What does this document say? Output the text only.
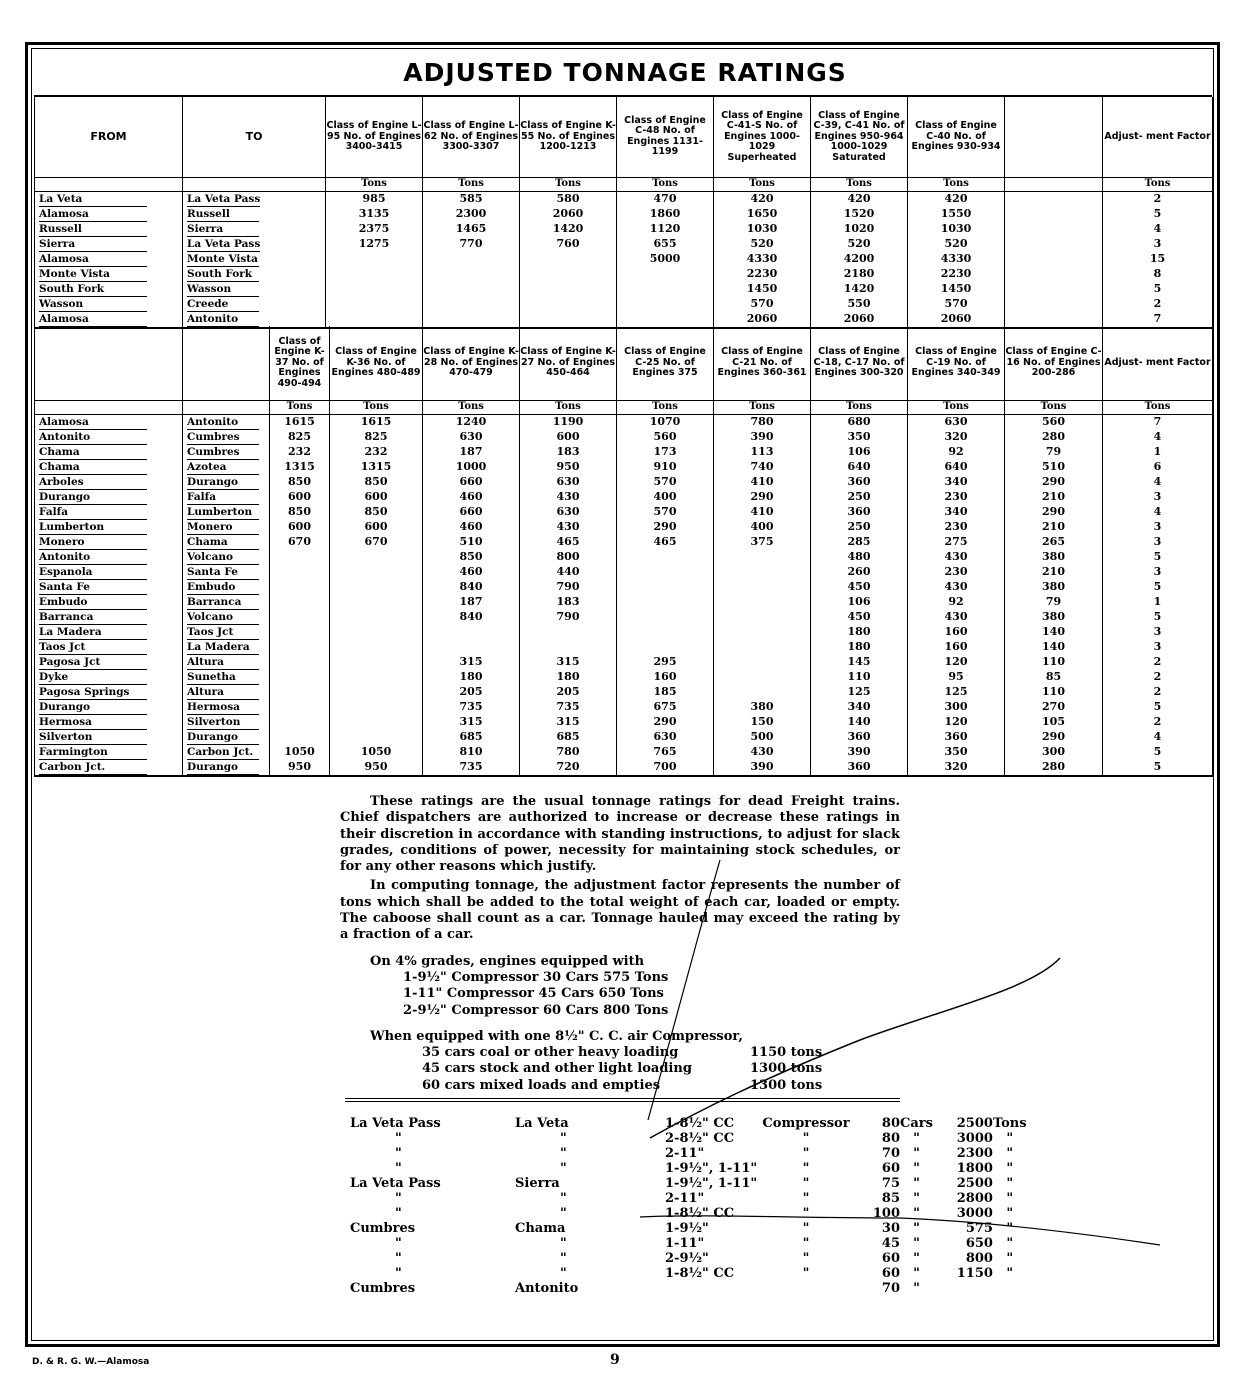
ADJUSTED TONNAGE RATINGS
FROM	TO	Class of Engine L-95 No. of Engines 3400-3415	Class of Engine L-62 No. of Engines 3300-3307	Class of Engine K-55 No. of Engines 1200-1213	Class of Engine C-48 No. of Engines 1131-1199	Class of Engine C-41-S No. of Engines 1000-1029 Superheated	Class of Engine C-39, C-41 No. of Engines 950-964 1000-1029 Saturated	Class of Engine C-40 No. of Engines 930-934		Adjust- ment Factor
		Tons	Tons	Tons	Tons	Tons	Tons	Tons		Tons
La Veta	La Veta Pass	985	585	580	470	420	420	420		2
Alamosa	Russell	3135	2300	2060	1860	1650	1520	1550		5
Russell	Sierra	2375	1465	1420	1120	1030	1020	1030		4
Sierra	La Veta Pass	1275	770	760	655	520	520	520		3
Alamosa	Monte Vista				5000	4330	4200	4330		15
Monte Vista	South Fork					2230	2180	2230		8
South Fork	Wasson					1450	1420	1450		5
Wasson	Creede					570	550	570		2
Alamosa	Antonito					2060	2060	2060		7
		Class of Engine K-37 No. of Engines 490-494	Class of Engine K-36 No. of Engines 480-489	Class of Engine K-28 No. of Engines 470-479	Class of Engine K-27 No. of Engines 450-464	Class of Engine C-25 No. of Engines 375	Class of Engine C-21 No. of Engines 360-361	Class of Engine C-18, C-17 No. of Engines 300-320	Class of Engine C-19 No. of Engines 340-349	Class of Engine C-16 No. of Engines 200-286	Adjust- ment Factor
		Tons	Tons	Tons	Tons	Tons	Tons	Tons	Tons	Tons	Tons
Alamosa	Antonito	1615	1615	1240	1190	1070	780	680	630	560	7
Antonito	Cumbres	825	825	630	600	560	390	350	320	280	4
Chama	Cumbres	232	232	187	183	173	113	106	92	79	1
Chama	Azotea	1315	1315	1000	950	910	740	640	640	510	6
Arboles	Durango	850	850	660	630	570	410	360	340	290	4
Durango	Falfa	600	600	460	430	400	290	250	230	210	3
Falfa	Lumberton	850	850	660	630	570	410	360	340	290	4
Lumberton	Monero	600	600	460	430	290	400	250	230	210	3
Monero	Chama	670	670	510	465	465	375	285	275	265	3
Antonito	Volcano			850	800			480	430	380	5
Espanola	Santa Fe			460	440			260	230	210	3
Santa Fe	Embudo			840	790			450	430	380	5
Embudo	Barranca			187	183			106	92	79	1
Barranca	Volcano			840	790			450	430	380	5
La Madera	Taos Jct							180	160	140	3
Taos Jct	La Madera							180	160	140	3
Pagosa Jct	Altura			315	315	295		145	120	110	2
Dyke	Sunetha			180	180	160		110	95	85	2
Pagosa Springs	Altura			205	205	185		125	125	110	2
Durango	Hermosa			735	735	675	380	340	300	270	5
Hermosa	Silverton			315	315	290	150	140	120	105	2
Silverton	Durango			685	685	630	500	360	360	290	4
Farmington	Carbon Jct.	1050	1050	810	780	765	430	390	350	300	5
Carbon Jct.	Durango	950	950	735	720	700	390	360	320	280	5

These ratings are the usual tonnage ratings for dead Freight trains. Chief dispatchers are authorized to increase or decrease these ratings in their discretion in accordance with standing instructions, to adjust for slack grades, conditions of power, necessity for maintaining stock schedules, or for any other reasons which justify.

In computing tonnage, the adjustment factor represents the number of tons which shall be added to the total weight of each car, loaded or empty. The caboose shall count as a car. Tonnage hauled may exceed the rating by a fraction of a car.

On 4% grades, engines equipped with
1-9½" Compressor 30 Cars 575 Tons
1-11" Compressor 45 Cars 650 Tons
2-9½" Compressor 60 Cars 800 Tons
When equipped with one 8½" C. C. air Compressor,
35 cars coal or other heavy loading	1150 tons
45 cars stock and other light loading	1300 tons
60 cars mixed loads and empties	1300 tons
La Veta Pass	La Veta	1-8½" CC	Compressor	80	Cars	2500	Tons
"	"	2-8½" CC	"	80	"	3000	"
"	"	2-11"	"	70	"	2300	"
"	"	1-9½", 1-11"	"	60	"	1800	"
La Veta Pass	Sierra	1-9½", 1-11"	"	75	"	2500	"
"	"	2-11"	"	85	"	2800	"
"	"	1-8½" CC	"	100	"	3000	"
Cumbres	Chama	1-9½"	"	30	"	575	"
"	"	1-11"	"	45	"	650	"
"	"	2-9½"	"	60	"	800	"
"	"	1-8½" CC	"	60	"	1150	"
Cumbres	Antonito			70	"		
D. & R. G. W.—Alamosa	9
